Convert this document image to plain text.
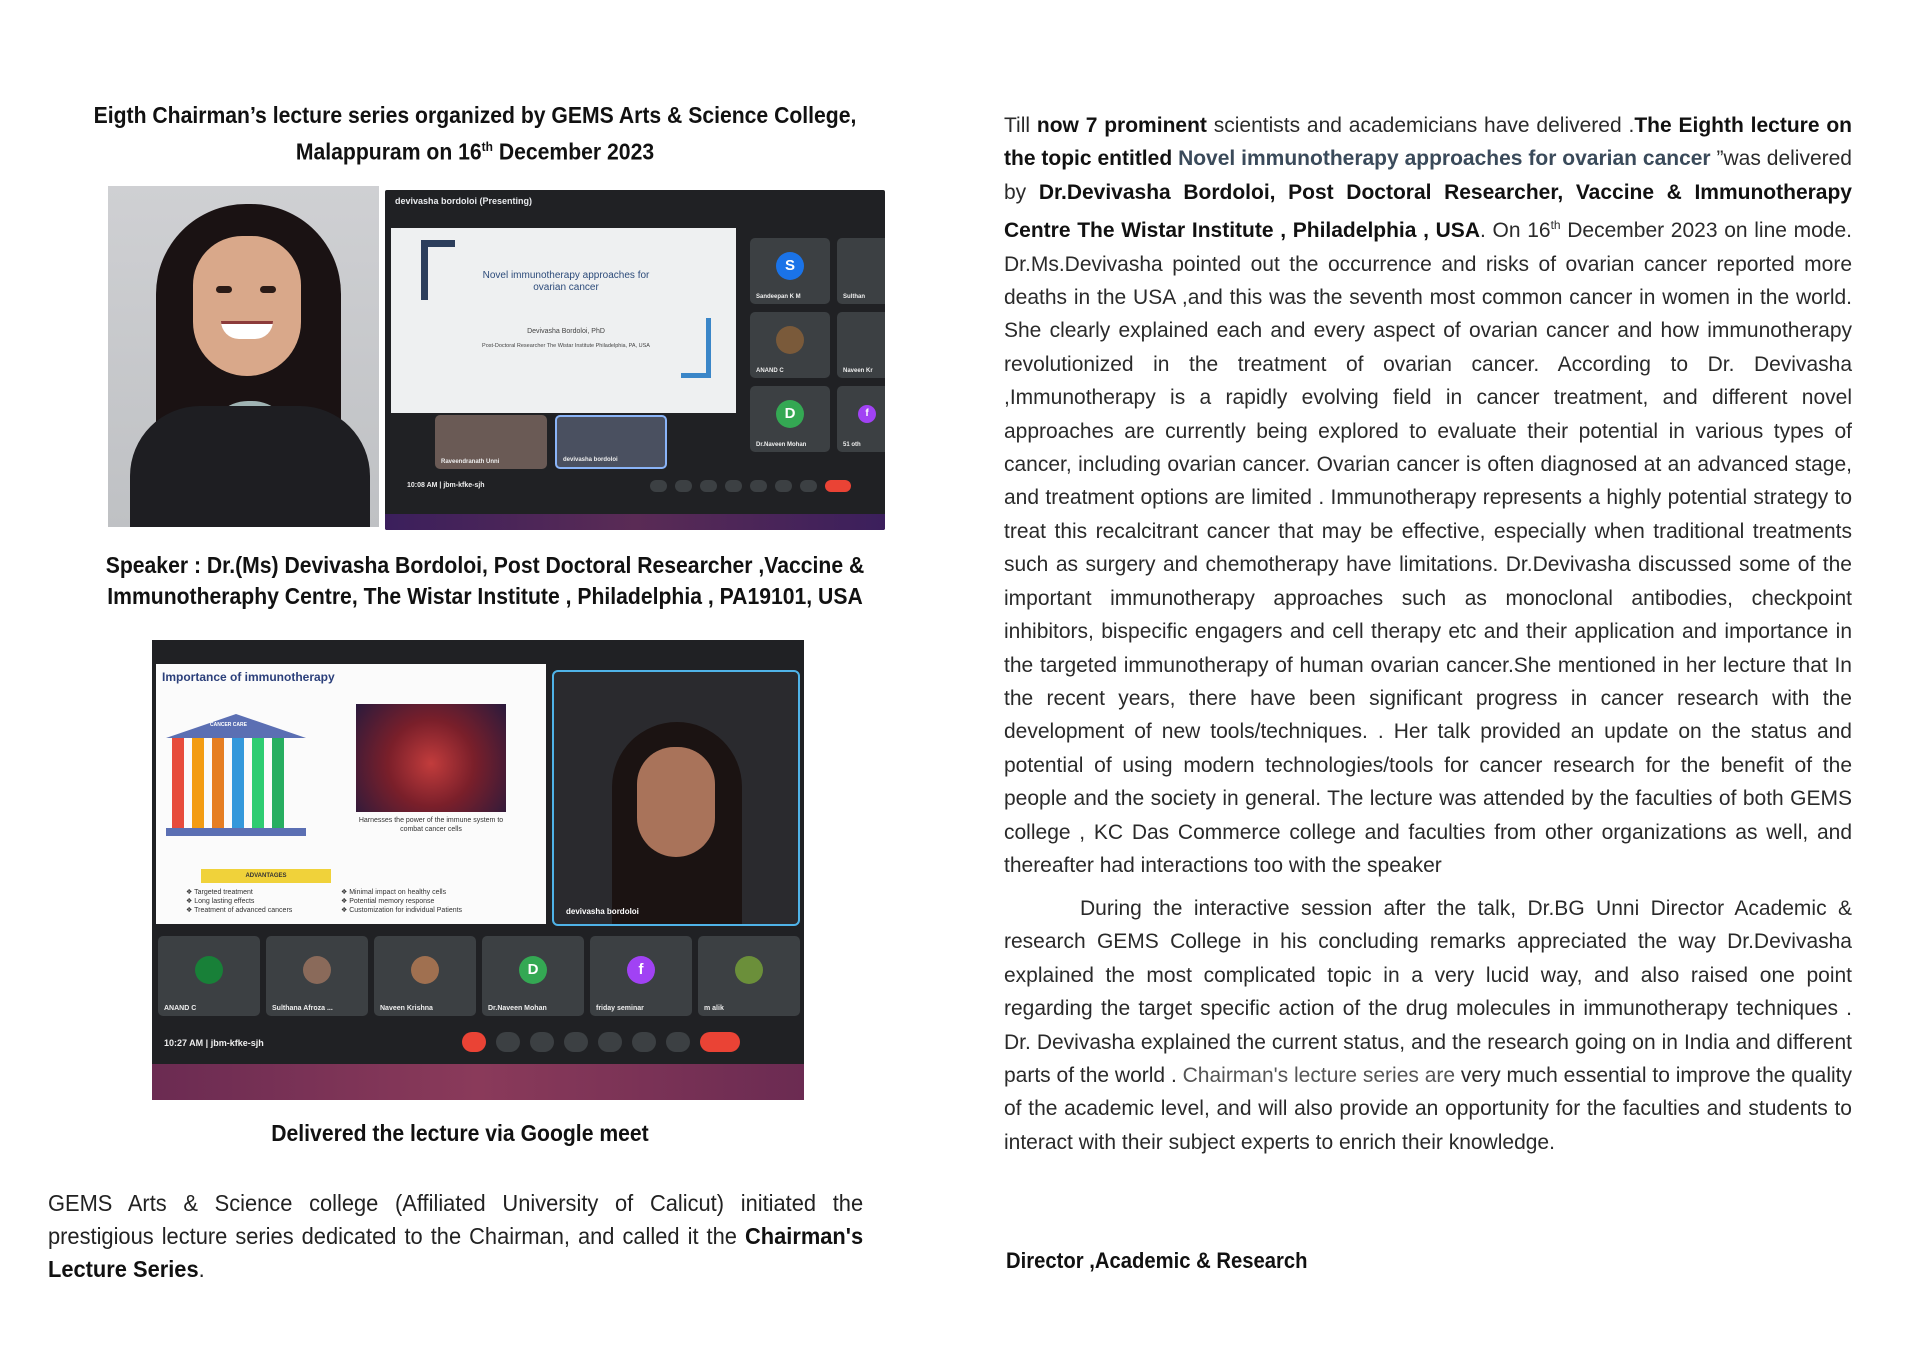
Eigth Chairman’s lecture series organized by GEMS Arts & Science College,
Malappuram on 16th December 2023
devivasha bordoloi (Presenting)
Novel immunotherapy approaches for ovarian cancer
Devivasha Bordoloi, PhD
Post-Doctoral Researcher The Wistar Institute Philadelphia, PA, USA
S
Sandeepan K M	Sulthan
ANAND C	Naveen Kr
D
Dr.Naveen Mohan
f
51 oth
Raveendranath Unni	devivasha bordoloi
10:08 AM | jbm-kfke-sjh
Speaker : Dr.(Ms) Devivasha Bordoloi, Post Doctoral Researcher ,Vaccine &
Immunotheraphy Centre, The Wistar Institute , Philadelphia , PA19101, USA
Importance of immunotherapy
CANCER CARE
Harnesses the power of the immune system to combat cancer cells
ADVANTAGES
❖ Targeted treatment
❖ Long lasting effects
❖ Treatment of advanced cancers
❖ Minimal impact on healthy cells
❖ Potential memory response
❖ Customization for individual Patients	devivasha bordoloi
ANAND C	Sulthana Afroza ...	Naveen Krishna
D
Dr.Naveen Mohan
f
friday seminar	m alik
10:27 AM | jbm-kfke-sjh
Delivered the lecture via Google meet
GEMS Arts & Science college (Affiliated University of Calicut) initiated the prestigious lecture series dedicated to the Chairman, and called it the Chairman's Lecture Series.
Till now 7 prominent scientists and academicians have delivered .The Eighth lecture on the topic entitled Novel immunotherapy approaches for ovarian cancer ”was delivered by Dr.Devivasha Bordoloi, Post Doctoral Researcher, Vaccine & Immunotherapy Centre The Wistar Institute , Philadelphia , USA. On 16th December 2023 on line mode. Dr.Ms.Devivasha pointed out the occurrence and risks of ovarian cancer reported more deaths in the USA ,and this was the seventh most common cancer in women in the world. She clearly explained each and every aspect of ovarian cancer and how immunotherapy revolutionized in the treatment of ovarian cancer. According to Dr. Devivasha ,Immunotherapy is a rapidly evolving field in cancer treatment, and different novel approaches are currently being explored to evaluate their potential in various types of cancer, including ovarian cancer. Ovarian cancer is often diagnosed at an advanced stage, and treatment options are limited . Immunotherapy represents a highly potential strategy to treat this recalcitrant cancer that may be effective, especially when traditional treatments such as surgery and chemotherapy have limitations. Dr.Devivasha discussed some of the important immunotherapy approaches such as monoclonal antibodies, checkpoint inhibitors, bispecific engagers and cell therapy etc and their application and importance in the targeted immunotherapy of human ovarian cancer.She mentioned in her lecture that In the recent years, there have been significant progress in cancer research with the development of new tools/techniques. . Her talk provided an update on the status and potential of using modern technologies/tools for cancer research for the benefit of the people and the society in general. The lecture was attended by the faculties of both GEMS college , KC Das Commerce college and faculties from other organizations as well, and thereafter had interactions too with the speaker
During the interactive session after the talk, Dr.BG Unni Director Academic & research GEMS College in his concluding remarks appreciated the way Dr.Devivasha explained the most complicated topic in a very lucid way, and also raised one point regarding the target specific action of the drug molecules in immunotherapy techniques . Dr. Devivasha explained the current status, and the research going on in India and different parts of the world . Chairman's lecture series are very much essential to improve the quality of the academic level, and will also provide an opportunity for the faculties and students to interact with their subject experts to enrich their knowledge.
Director ,Academic & Research
